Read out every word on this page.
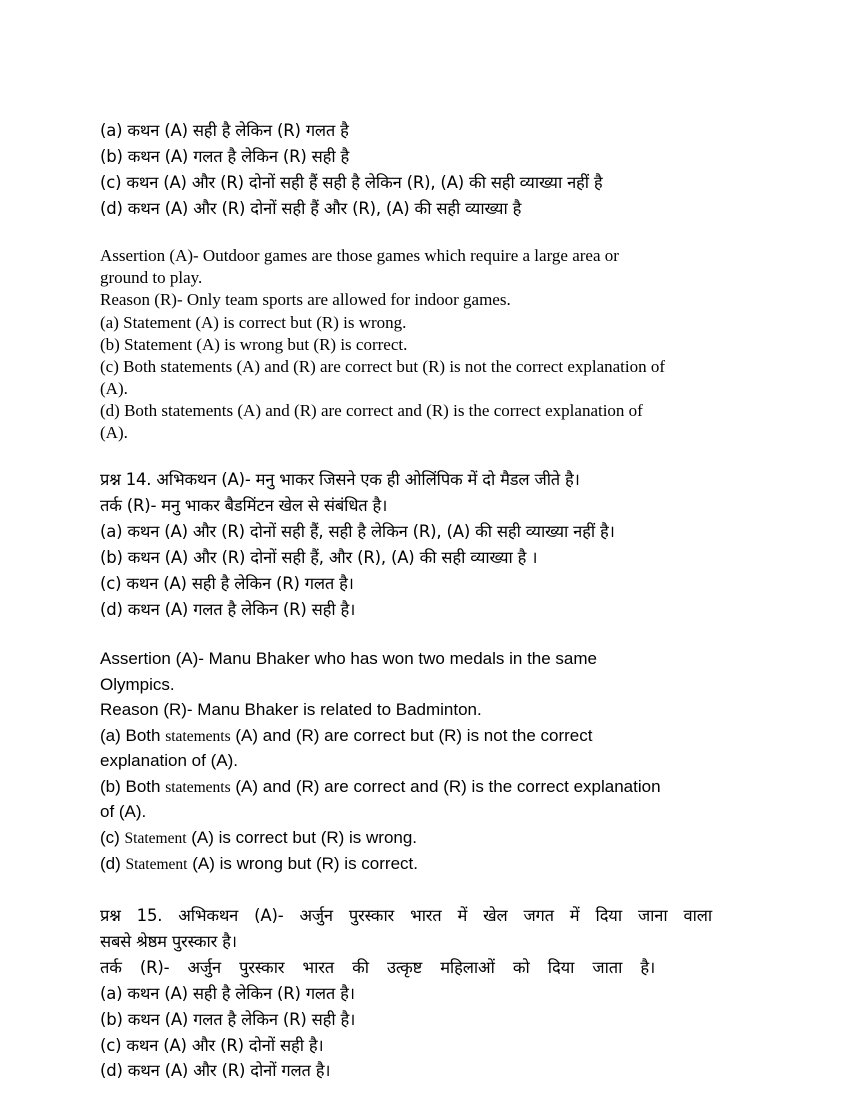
(a) कथन (A) सही है लेकिन (R) गलत है

(b) कथन (A) गलत है लेकिन (R) सही है

(c) कथन (A) और (R) दोनों सही हैं सही है लेकिन (R), (A) की सही व्याख्या नहीं है

(d) कथन (A) और (R) दोनों सही हैं और (R), (A) की सही व्याख्या है

Assertion (A)- Outdoor games are those games which require a large area or

ground to play.

Reason (R)- Only team sports are allowed for indoor games.

(a) Statement (A) is correct but (R) is wrong.

(b) Statement (A) is wrong but (R) is correct.

(c) Both statements (A) and (R) are correct but (R) is not the correct explanation of

(A).

(d) Both statements (A) and (R) are correct and (R) is the correct explanation of

(A).

प्रश्न 14. अभिकथन (A)- मनु भाकर जिसने एक ही ओलिंपिक में दो मैडल जीते है।

तर्क (R)- मनु भाकर बैडमिंटन खेल से संबंधित है।

(a) कथन (A) और (R) दोनों सही हैं, सही है लेकिन (R), (A) की सही व्याख्या नहीं है।

(b) कथन (A) और (R) दोनों सही हैं, और (R), (A) की सही व्याख्या है ।

(c) कथन (A) सही है लेकिन (R) गलत है।

(d) कथन (A) गलत है लेकिन (R) सही है।

Assertion (A)- Manu Bhaker who has won two medals in the same

Olympics.

Reason (R)- Manu Bhaker is related to Badminton.

(a) Both statements (A) and (R) are correct but (R) is not the correct

explanation of (A).

(b) Both statements (A) and (R) are correct and (R) is the correct explanation

of (A).

(c) Statement (A) is correct but (R) is wrong.

(d) Statement (A) is wrong but (R) is correct.

प्रश्न 15. अभिकथन (A)- अर्जुन पुरस्कार भारत में खेल जगत में दिया जाना वाला

सबसे श्रेष्ठम पुरस्कार है।

तर्क (R)- अर्जुन पुरस्कार भारत की उत्कृष्ट महिलाओं को दिया जाता है।

(a) कथन (A) सही है लेकिन (R) गलत है।

(b) कथन (A) गलत है लेकिन (R) सही है।

(c) कथन (A) और (R) दोनों सही है।

(d) कथन (A) और (R) दोनों गलत है।
